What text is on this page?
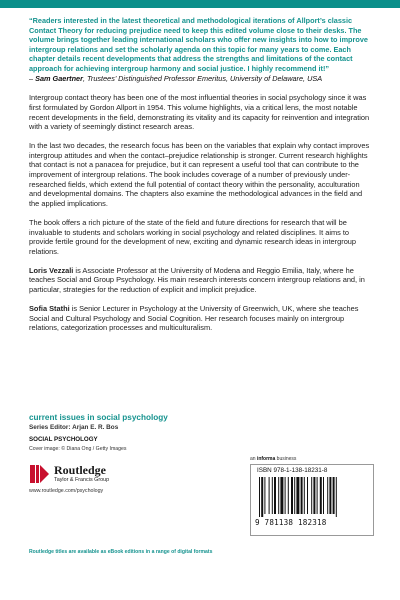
“Readers interested in the latest theoretical and methodological iterations of Allport’s classic Contact Theory for reducing prejudice need to keep this edited volume close to their desks. The volume brings together leading international scholars who offer new insights into how to improve intergroup relations and set the scholarly agenda on this topic for many years to come. Each chapter details recent developments that address the strengths and limitations of the contact approach for achieving intergroup harmony and social justice. I highly recommend it!”

– Sam Gaertner, Trustees’ Distinguished Professor Emeritus, University of Delaware, USA

Intergroup contact theory has been one of the most influential theories in social psychology since it was first formulated by Gordon Allport in 1954. This volume highlights, via a critical lens, the most notable recent developments in the field, demonstrating its vitality and its capacity for reinvention and integration with a variety of seemingly distinct research areas.

In the last two decades, the research focus has been on the variables that explain why contact improves intergroup attitudes and when the contact–prejudice relationship is stronger. Current research highlights that contact is not a panacea for prejudice, but it can represent a useful tool that can contribute to the improvement of intergroup relations. The book includes coverage of a number of previously under-researched fields, which extend the full potential of contact theory within the personality, acculturation and developmental domains. The chapters also examine the methodological advances in the field and the applied implications.

The book offers a rich picture of the state of the field and future directions for research that will be invaluable to students and scholars working in social psychology and related disciplines. It aims to provide fertile ground for the development of new, exciting and dynamic research ideas in intergroup relations.

Loris Vezzali is Associate Professor at the University of Modena and Reggio Emilia, Italy, where he teaches Social and Group Psychology. His main research interests concern intergroup relations and, in particular, strategies for the reduction of explicit and implicit prejudice.

Sofia Stathi is Senior Lecturer in Psychology at the University of Greenwich, UK, where she teaches Social and Cultural Psychology and Social Cognition. Her research focuses mainly on intergroup relations, categorization processes and multiculturalism.

current issues in social psychology

Series Editor: Arjan E. R. Bos

SOCIAL PSYCHOLOGY
Cover image: © Diana Ong / Getty Images
Routledge
Taylor & Francis Group
www.routledge.com/psychology
an informa business
ISBN 978-1-138-18231-8
9 781138 182318
Routledge titles are available as eBook editions in a range of digital formats
